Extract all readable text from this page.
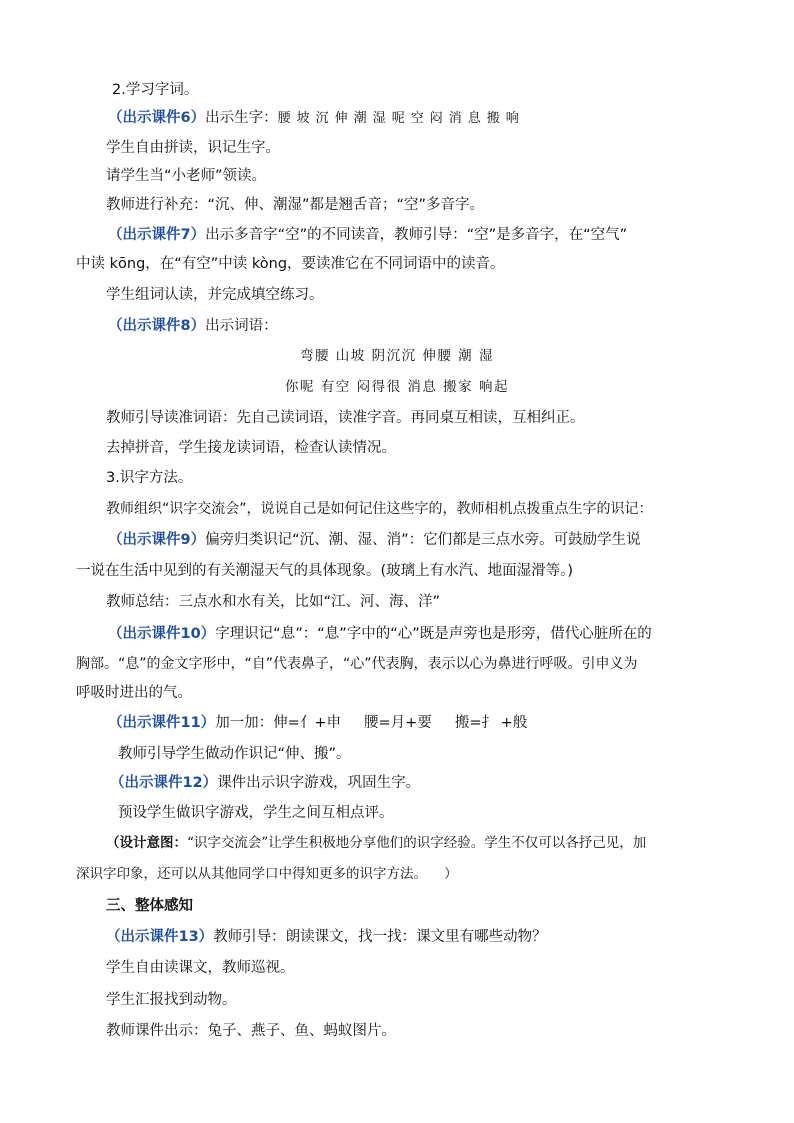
2.学习字词。
（出示课件6）出示生字：腰 坡 沉 伸 潮 湿 呢 空 闷 消 息 搬 响
学生自由拼读，识记生字。
请学生当“小老师”领读。
教师进行补充：“沉、伸、潮湿”都是翘舌音；“空”多音字。
（出示课件7）出示多音字“空”的不同读音，教师引导：“空”是多音字，在“空气”
中读 kōng，在“有空”中读 kòng，要读准它在不同词语中的读音。
学生组词认读，并完成填空练习。
（出示课件8）出示词语：
弯腰 山坡 阴沉沉 伸腰 潮 湿
你呢 有空 闷得很 消息 搬家 响起
教师引导读准词语：先自己读词语，读准字音。再同桌互相读，互相纠正。
去掉拼音，学生接龙读词语，检查认读情况。
3.识字方法。
教师组织“识字交流会”，说说自己是如何记住这些字的，教师相机点拨重点生字的识记：
（出示课件9）偏旁归类识记“沉、潮、湿、消”：它们都是三点水旁。可鼓励学生说
一说在生活中见到的有关潮湿天气的具体现象。(玻璃上有水汽、地面湿滑等。)
教师总结：三点水和水有关，比如“江、河、海、洋”
（出示课件10）字理识记“息”：“息”字中的“心”既是声旁也是形旁，借代心脏所在的
胸部。“息”的金文字形中，“自”代表鼻子，“心”代表胸，表示以心为鼻进行呼吸。引申义为
呼吸时进出的气。
（出示课件11）加一加：伸=亻+申     腰=月+要     搬=扌 +般
教师引导学生做动作识记“伸、搬”。
（出示课件12）课件出示识字游戏，巩固生字。
预设学生做识字游戏，学生之间互相点评。
（设计意图：“识字交流会”让学生积极地分享他们的识字经验。学生不仅可以各抒己见，加
深识字印象，还可以从其他同学口中得知更多的识字方法。    ）
三、整体感知
（出示课件13）教师引导：朗读课文，找一找：课文里有哪些动物？
学生自由读课文，教师巡视。
学生汇报找到动物。
教师课件出示：兔子、燕子、鱼、蚂蚁图片。
